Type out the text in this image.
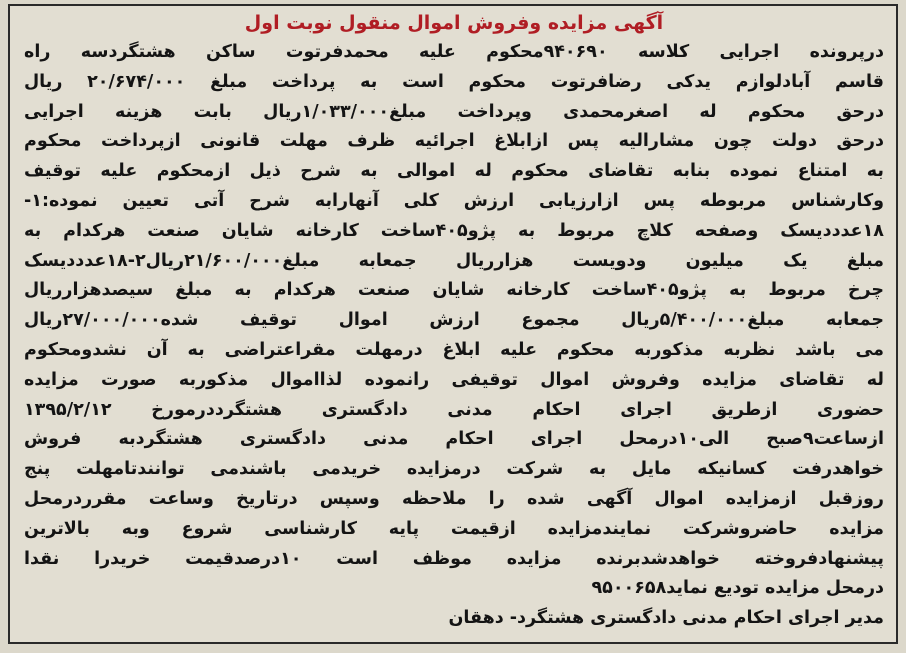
آگهی مزایده وفروش اموال منقول نوبت اول
درپرونده اجرایی کلاسه ۹۴۰۶۹۰محکوم علیه محمدفرتوت ساکن هشتگردسه راه
قاسم آبادلوازم یدکی رضافرتوت محکوم است به پرداخت مبلغ ۲۰/۶۷۴/۰۰۰ ریال
درحق محکوم له اصغرمحمدی وپرداخت مبلغ۱/۰۳۳/۰۰۰ریال بابت هزینه اجرایی
درحق دولت چون مشارالیه پس ازابلاغ اجرائیه ظرف مهلت قانونی ازپرداخت محکوم
به امتناع نموده بنابه تقاضای محکوم له اموالی به شرح ذیل ازمحکوم علیه توقیف
وکارشناس مربوطه پس ازارزیابی ارزش کلی آنهارابه شرح آتی تعیین نموده:۱-
۱۸عدددیسک وصفحه کلاچ مربوط به پژو۴۰۵ساخت کارخانه شایان صنعت هرکدام به
مبلغ یک میلیون ودویست هزارریال جمعابه مبلغ۲۱/۶۰۰/۰۰۰ریال۲-۱۸عدددیسک
چرخ مربوط به پژو۴۰۵ساخت کارخانه شایان صنعت هرکدام به مبلغ سیصدهزارریال
جمعابه مبلغ۵/۴۰۰/۰۰۰ریال مجموع ارزش اموال توقیف شده۲۷/۰۰۰/۰۰۰ریال
می باشد نظربه مذکوربه محکوم علیه ابلاغ درمهلت مقراعتراضی به آن نشدومحکوم
له تقاضای مزایده وفروش اموال توقیفی رانموده لذااموال مذکوربه صورت مزایده
حضوری ازطریق اجرای احکام مدنی دادگستری هشتگرددرمورخ ۱۳۹۵/۲/۱۲
ازساعت۹صبح الی۱۰درمحل اجرای احکام مدنی دادگستری هشتگردبه فروش
خواهدرفت کسانیکه مایل به شرکت درمزایده خریدمی باشندمی توانندتامهلت پنج
روزقبل ازمزایده اموال آگهی شده را ملاحظه وسپس درتاریخ وساعت مقرردرمحل
مزایده حاضروشرکت نمایندمزایده ازقیمت پایه کارشناسی شروع وبه بالاترین
پیشنهادفروخته خواهدشدبرنده مزایده موظف است ۱۰درصدقیمت خریدرا نقدا
درمحل مزایده تودیع نماید۹۵۰۰۶۵۸
مدیر اجرای احکام مدنی دادگستری هشتگرد- دهقان
